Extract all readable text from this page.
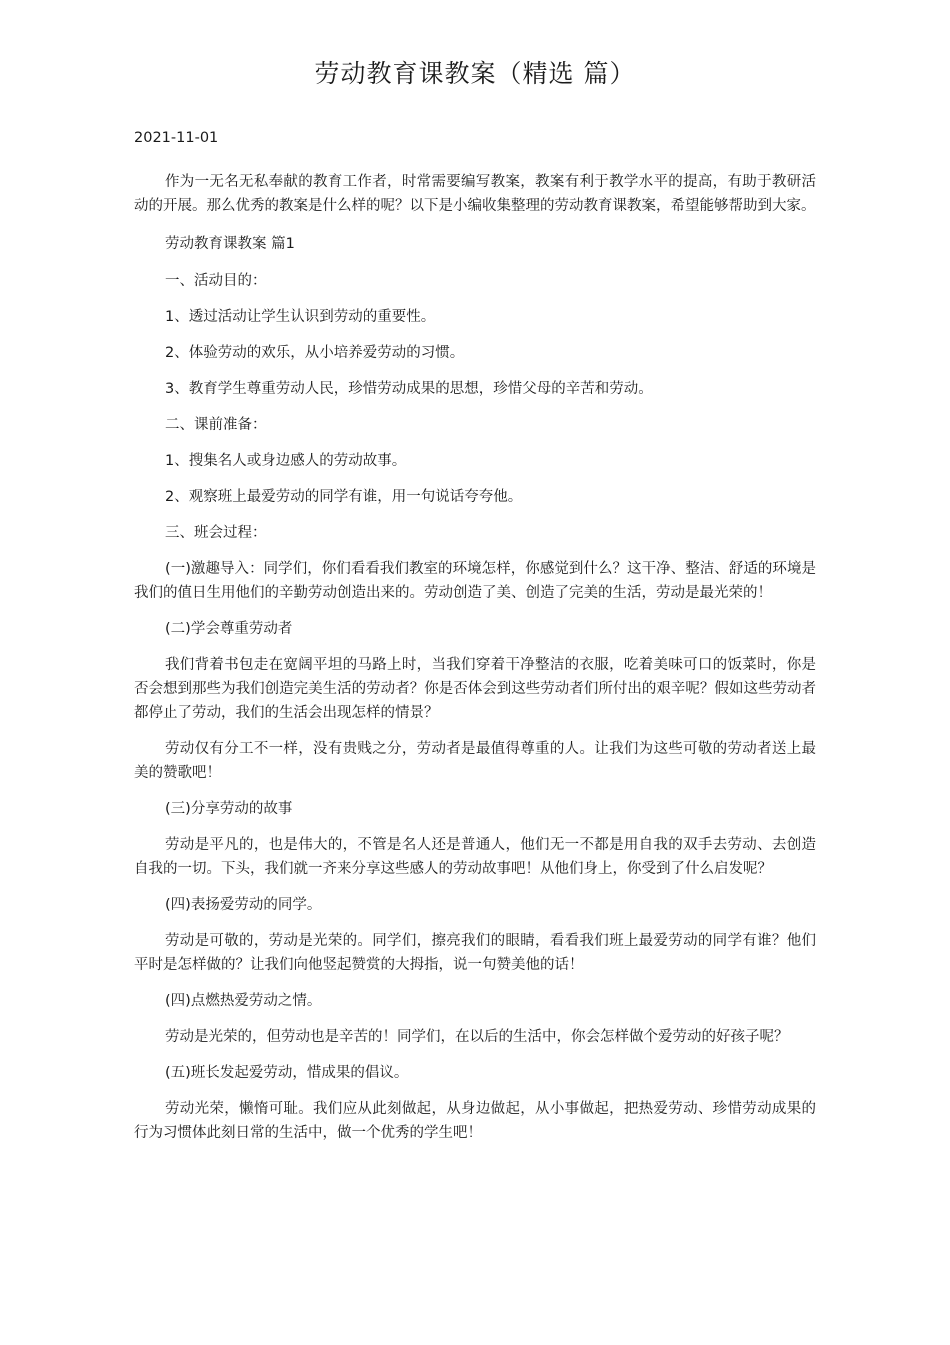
劳动教育课教案（精选 篇）
2021-11-01

作为一无名无私奉献的教育工作者，时常需要编写教案，教案有利于教学水平的提高，有助于教研活动的开展。那么优秀的教案是什么样的呢？以下是小编收集整理的劳动教育课教案，希望能够帮助到大家。

劳动教育课教案 篇1

一、活动目的：

1、透过活动让学生认识到劳动的重要性。

2、体验劳动的欢乐，从小培养爱劳动的习惯。

3、教育学生尊重劳动人民，珍惜劳动成果的思想，珍惜父母的辛苦和劳动。

二、课前准备：

1、搜集名人或身边感人的劳动故事。

2、观察班上最爱劳动的同学有谁，用一句说话夸夸他。

三、班会过程：

(一)激趣导入：同学们，你们看看我们教室的环境怎样，你感觉到什么？这干净、整洁、舒适的环境是我们的值日生用他们的辛勤劳动创造出来的。劳动创造了美、创造了完美的生活，劳动是最光荣的！

(二)学会尊重劳动者

我们背着书包走在宽阔平坦的马路上时，当我们穿着干净整洁的衣服，吃着美味可口的饭菜时，你是否会想到那些为我们创造完美生活的劳动者？你是否体会到这些劳动者们所付出的艰辛呢？假如这些劳动者都停止了劳动，我们的生活会出现怎样的情景？

劳动仅有分工不一样，没有贵贱之分，劳动者是最值得尊重的人。让我们为这些可敬的劳动者送上最美的赞歌吧！

(三)分享劳动的故事

劳动是平凡的，也是伟大的，不管是名人还是普通人，他们无一不都是用自我的双手去劳动、去创造自我的一切。下头，我们就一齐来分享这些感人的劳动故事吧！从他们身上，你受到了什么启发呢？

(四)表扬爱劳动的同学。

劳动是可敬的，劳动是光荣的。同学们，擦亮我们的眼睛，看看我们班上最爱劳动的同学有谁？他们平时是怎样做的？让我们向他竖起赞赏的大拇指，说一句赞美他的话！

(四)点燃热爱劳动之情。

劳动是光荣的，但劳动也是辛苦的！同学们，在以后的生活中，你会怎样做个爱劳动的好孩子呢？

(五)班长发起爱劳动，惜成果的倡议。

劳动光荣，懒惰可耻。我们应从此刻做起，从身边做起，从小事做起，把热爱劳动、珍惜劳动成果的行为习惯体此刻日常的生活中，做一个优秀的学生吧！
